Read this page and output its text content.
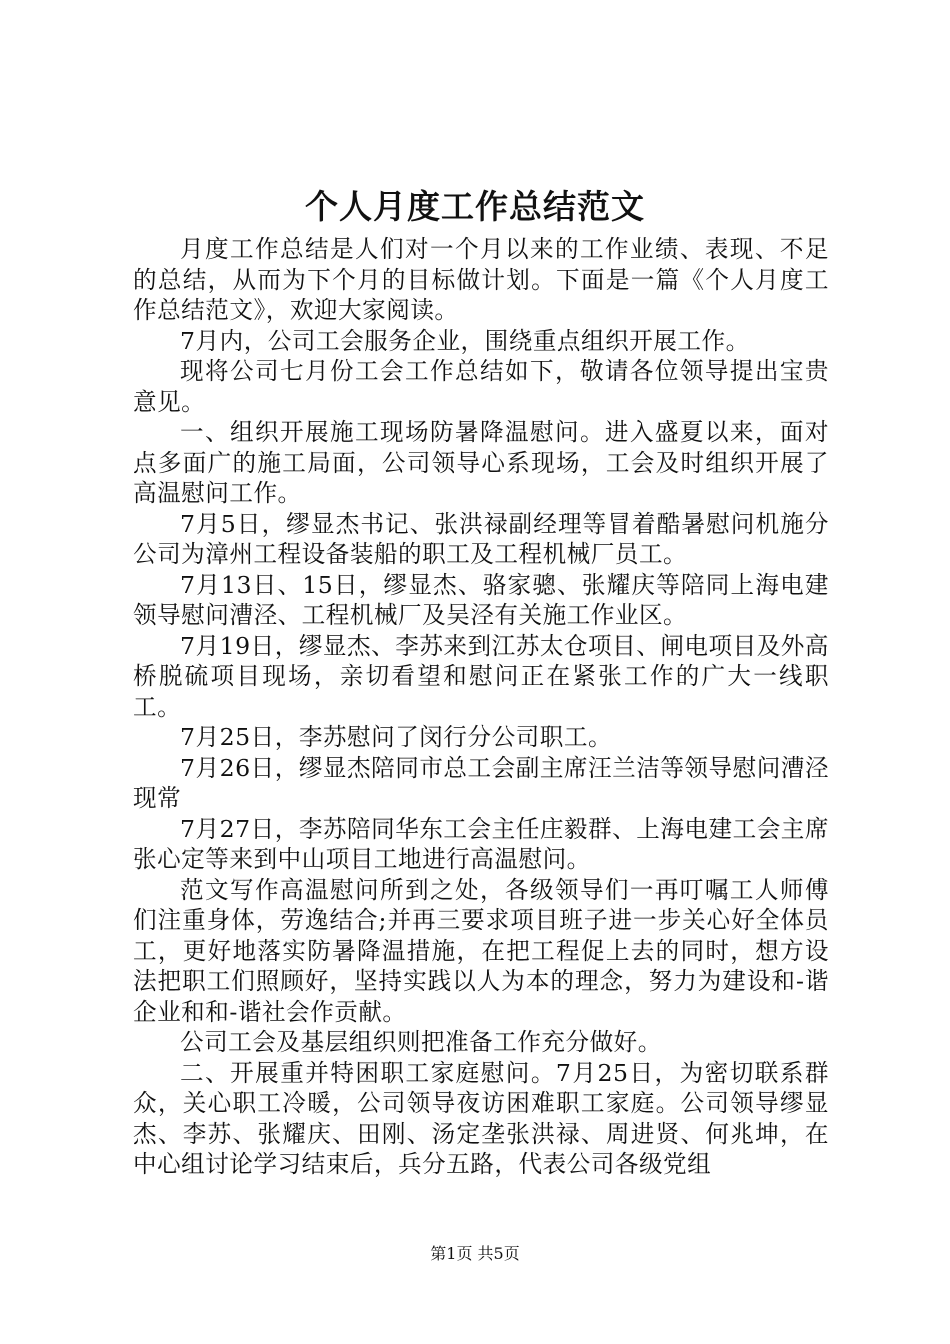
个人月度工作总结范文

月度工作总结是人们对一个月以来的工作业绩、表现、不足的总结，从而为下个月的目标做计划。下面是一篇《个人月度工作总结范文》，欢迎大家阅读。

7月内，公司工会服务企业，围绕重点组织开展工作。

现将公司七月份工会工作总结如下，敬请各位领导提出宝贵意见。

一、组织开展施工现场防暑降温慰问。进入盛夏以来，面对点多面广的施工局面，公司领导心系现场，工会及时组织开展了高温慰问工作。

7月5日，缪显杰书记、张洪禄副经理等冒着酷暑慰问机施分公司为漳州工程设备装船的职工及工程机械厂员工。

7月13日、15日，缪显杰、骆家骢、张耀庆等陪同上海电建领导慰问漕泾、工程机械厂及吴泾有关施工作业区。

7月19日，缪显杰、李苏来到江苏太仓项目、闸电项目及外高桥脱硫项目现场，亲切看望和慰问正在紧张工作的广大一线职工。

7月25日，李苏慰问了闵行分公司职工。

7月26日，缪显杰陪同市总工会副主席汪兰洁等领导慰问漕泾现常

7月27日，李苏陪同华东工会主任庄毅群、上海电建工会主席张心定等来到中山项目工地进行高温慰问。

范文写作高温慰问所到之处，各级领导们一再叮嘱工人师傅们注重身体，劳逸结合;并再三要求项目班子进一步关心好全体员工，更好地落实防暑降温措施，在把工程促上去的同时，想方设法把职工们照顾好，坚持实践以人为本的理念，努力为建设和-谐企业和和-谐社会作贡献。

公司工会及基层组织则把准备工作充分做好。

二、开展重并特困职工家庭慰问。7月25日，为密切联系群众，关心职工冷暖，公司领导夜访困难职工家庭。公司领导缪显杰、李苏、张耀庆、田刚、汤定垄张洪禄、周进贤、何兆坤，在中心组讨论学习结束后，兵分五路，代表公司各级党组

第1页 共5页
